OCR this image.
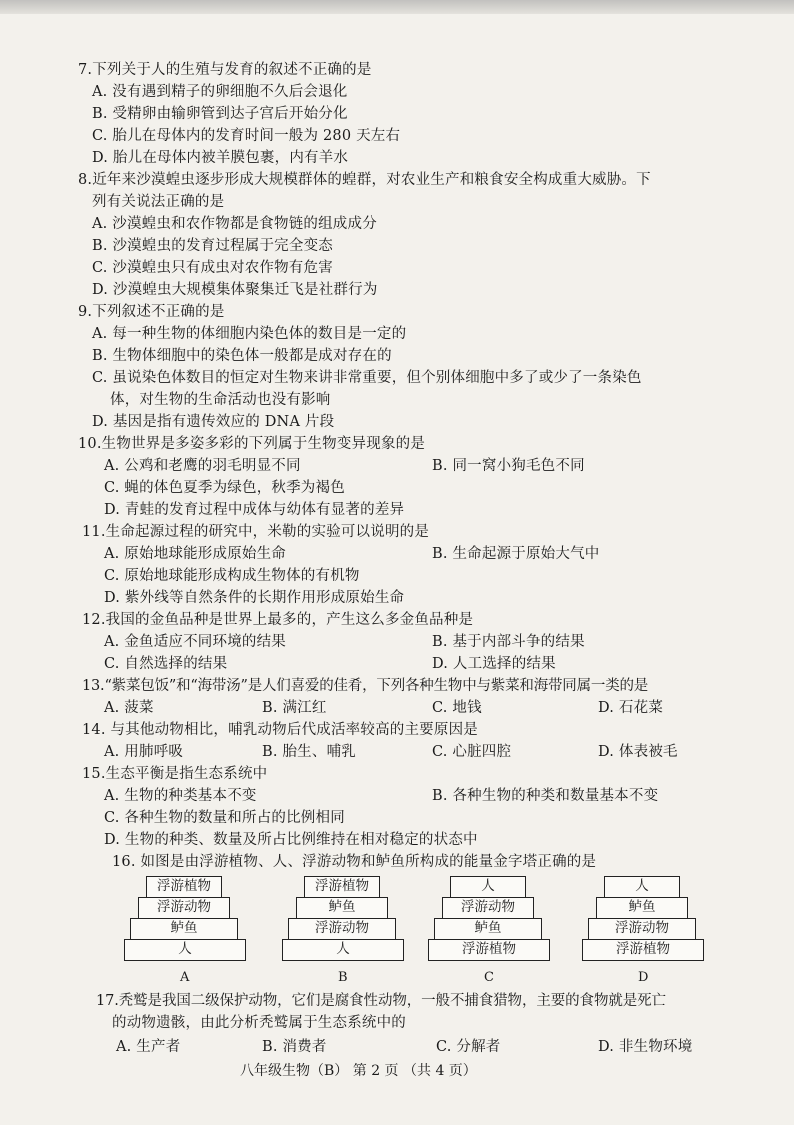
7.下列关于人的生殖与发育的叙述不正确的是
A. 没有遇到精子的卵细胞不久后会退化
B. 受精卵由输卵管到达子宫后开始分化
C. 胎儿在母体内的发育时间一般为 280 天左右
D. 胎儿在母体内被羊膜包裹，内有羊水
8.近年来沙漠蝗虫逐步形成大规模群体的蝗群，对农业生产和粮食安全构成重大威胁。下
列有关说法正确的是
A. 沙漠蝗虫和农作物都是食物链的组成成分
B. 沙漠蝗虫的发育过程属于完全变态
C. 沙漠蝗虫只有成虫对农作物有危害
D. 沙漠蝗虫大规模集体聚集迁飞是社群行为
9.下列叙述不正确的是
A. 每一种生物的体细胞内染色体的数目是一定的
B. 生物体细胞中的染色体一般都是成对存在的
C. 虽说染色体数目的恒定对生物来讲非常重要，但个别体细胞中多了或少了一条染色
体，对生物的生命活动也没有影响
D. 基因是指有遗传效应的 DNA 片段
10.生物世界是多姿多彩的下列属于生物变异现象的是
A. 公鸡和老鹰的羽毛明显不同	B. 同一窝小狗毛色不同
C. 蝇的体色夏季为绿色，秋季为褐色
D. 青蛙的发育过程中成体与幼体有显著的差异
11.生命起源过程的研究中，米勒的实验可以说明的是
A. 原始地球能形成原始生命	B. 生命起源于原始大气中
C. 原始地球能形成构成生物体的有机物
D. 紫外线等自然条件的长期作用形成原始生命
12.我国的金鱼品种是世界上最多的，产生这么多金鱼品种是
A. 金鱼适应不同环境的结果	B. 基于内部斗争的结果
C. 自然选择的结果	D. 人工选择的结果
13.“紫菜包饭”和“海带汤”是人们喜爱的佳肴，下列各种生物中与紫菜和海带同属一类的是
A. 菠菜	B. 满江红	C. 地钱	D. 石花菜
14. 与其他动物相比，哺乳动物后代成活率较高的主要原因是
A. 用肺呼吸	B. 胎生、哺乳	C. 心脏四腔	D. 体表被毛
15.生态平衡是指生态系统中
A. 生物的种类基本不变	B. 各种生物的种类和数量基本不变
C. 各种生物的数量和所占的比例相同
D. 生物的种类、数量及所占比例维持在相对稳定的状态中
16. 如图是由浮游植物、人、浮游动物和鲈鱼所构成的能量金字塔正确的是
浮游植物
浮游动物
鲈鱼
人
A
浮游植物
鲈鱼
浮游动物
人
B
人
浮游动物
鲈鱼
浮游植物
C
人
鲈鱼
浮游动物
浮游植物
D
17.秃鹫是我国二级保护动物，它们是腐食性动物，一般不捕食猎物，主要的食物就是死亡
的动物遗骸，由此分析秃鹫属于生态系统中的
A. 生产者	B. 消费者	C. 分解者	D. 非生物环境
八年级生物（B） 第 2 页 （共 4 页）
